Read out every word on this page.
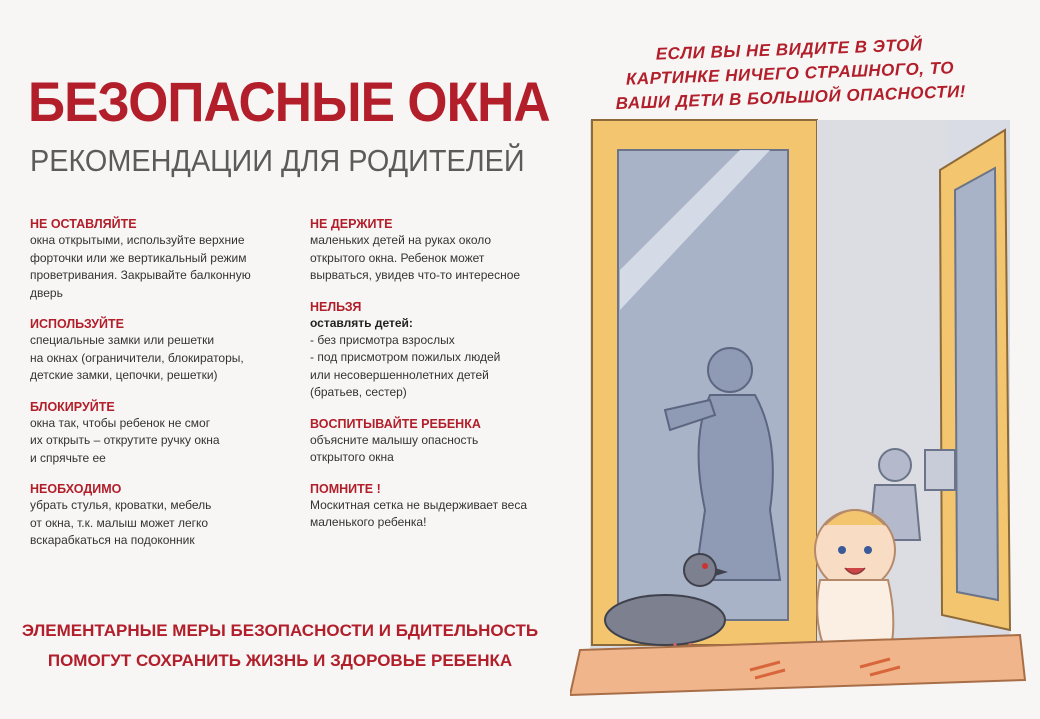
БЕЗОПАСНЫЕ ОКНА
РЕКОМЕНДАЦИИ ДЛЯ РОДИТЕЛЕЙ
НЕ ОСТАВЛЯЙТЕ

окна открытыми, используйте верхние
форточки или же вертикальный режим
проветривания. Закрывайте балконную
дверь

ИСПОЛЬЗУЙТЕ

специальные замки или решетки
на окнах (ограничители, блокираторы,
детские замки, цепочки, решетки)

БЛОКИРУЙТЕ

окна так, чтобы ребенок не смог
их открыть – открутите ручку окна
и спрячьте ее

НЕОБХОДИМО

убрать стулья, кроватки, мебель
от окна, т.к. малыш может легко
вскарабкаться на подоконник

НЕ ДЕРЖИТЕ

маленьких детей на руках около
открытого окна. Ребенок может
вырваться, увидев что-то интересное

НЕЛЬЗЯ
оставлять детей:

- без присмотра взрослых
- под присмотром пожилых людей
или несовершеннолетних детей
(братьев, сестер)

ВОСПИТЫВАЙТЕ РЕБЕНКА

объясните малышу опасность
открытого окна

ПОМНИТЕ !

Москитная сетка не выдерживает веса
маленького ребенка!

ЭЛЕМЕНТАРНЫЕ МЕРЫ БЕЗОПАСНОСТИ И БДИТЕЛЬНОСТЬ
ПОМОГУТ СОХРАНИТЬ ЖИЗНЬ И ЗДОРОВЬЕ РЕБЕНКА
ЕСЛИ ВЫ НЕ ВИДИТЕ В ЭТОЙ
КАРТИНКЕ НИЧЕГО СТРАШНОГО, ТО
ВАШИ ДЕТИ В БОЛЬШОЙ ОПАСНОСТИ!
